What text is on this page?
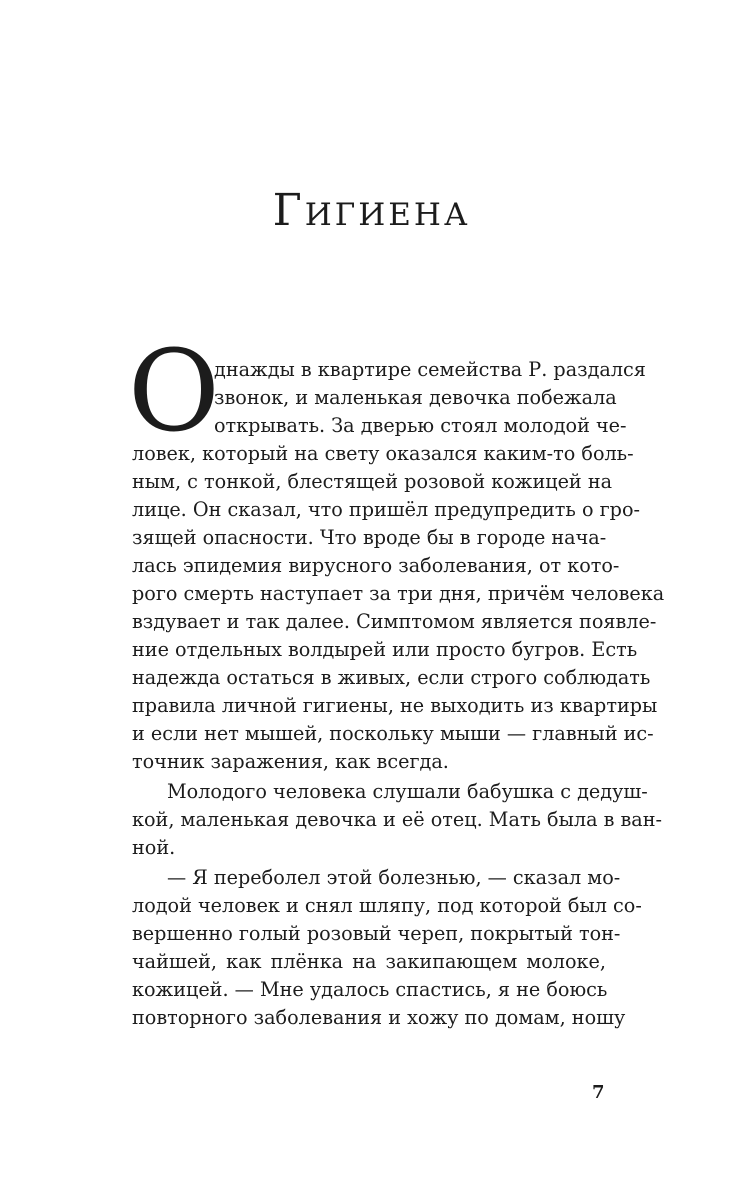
Гигиена
О
днажды в квартире семейства Р. раздался
звонок, и маленькая девочка побежала
открывать. За дверью стоял молодой че-
ловек, который на свету оказался каким-то боль-
ным, с тонкой, блестящей розовой кожицей на
лице. Он сказал, что пришёл предупредить о гро-
зящей опасности. Что вроде бы в городе нача-
лась эпидемия вирусного заболевания, от кото-
рого смерть наступает за три дня, причём человека
вздувает и так далее. Симптомом является появле-
ние отдельных волдырей или просто бугров. Есть
надежда остаться в живых, если строго соблюдать
правила личной гигиены, не выходить из квартиры
и если нет мышей, поскольку мыши — главный ис-
точник заражения, как всегда.
Молодого человека слушали бабушка с дедуш-
кой, маленькая девочка и её отец. Мать была в ван-
ной.
— Я переболел этой болезнью, — сказал мо-
лодой человек и снял шляпу, под которой был со-
вершенно голый розовый череп, покрытый тон-
чайшей, как плёнка на закипающем молоке,
кожицей. — Мне удалось спастись, я не боюсь
повторного заболевания и хожу по домам, ношу
7
